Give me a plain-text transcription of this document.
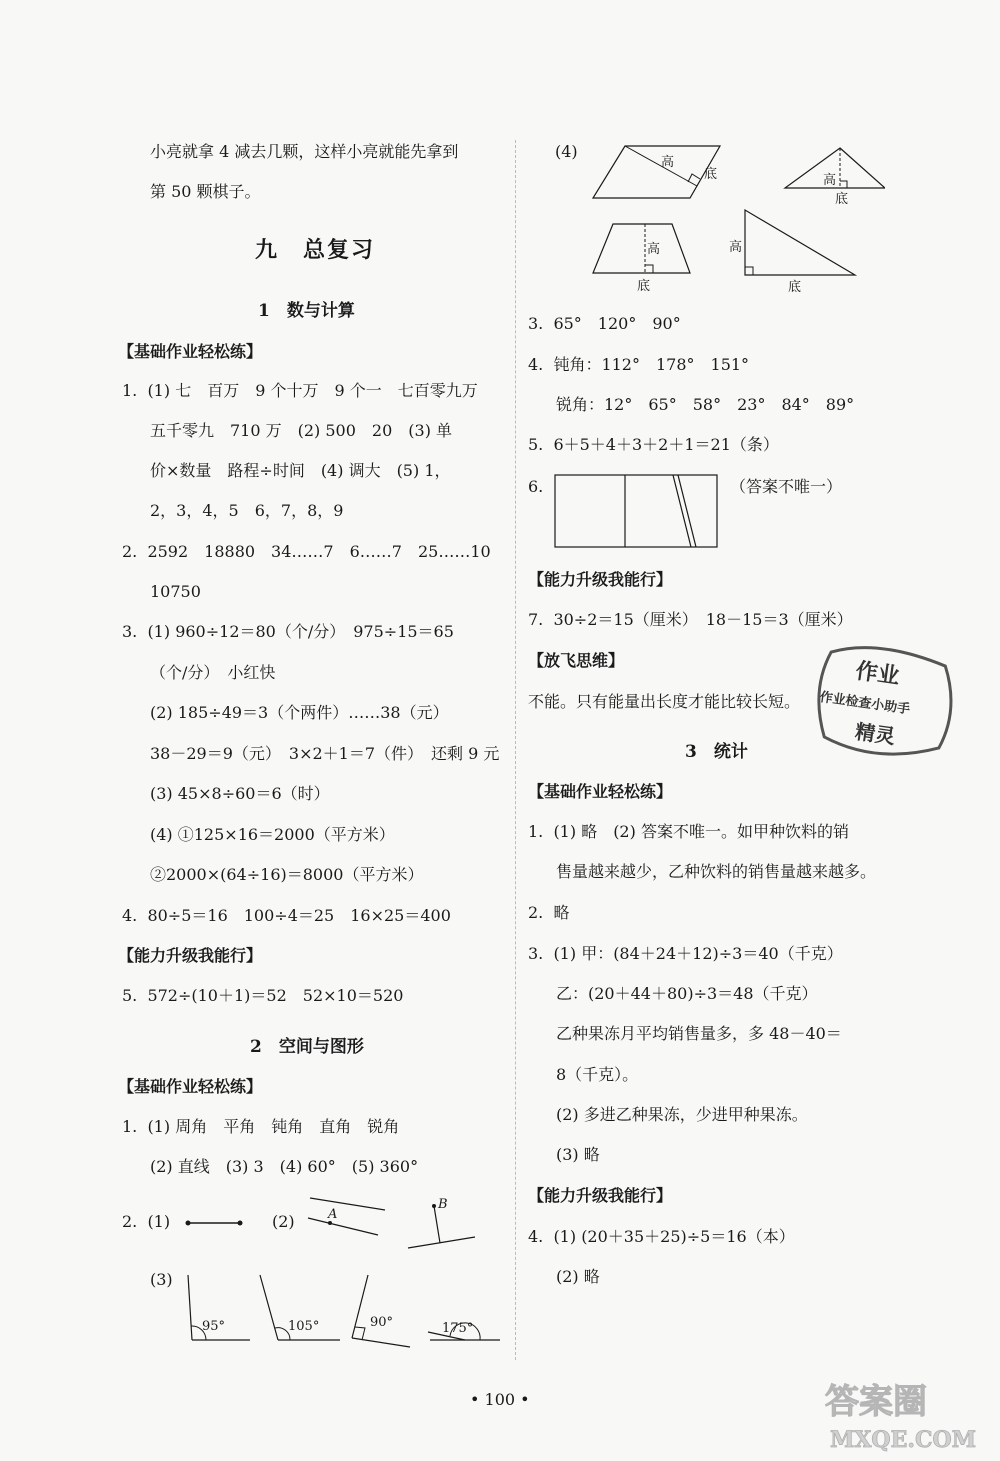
小亮就拿 4 减去几颗，这样小亮就能先拿到
第 50 颗棋子。
九　总复习
1　数与计算
【基础作业轻松练】
1.  (1) 七　百万　9 个十万　9 个一　七百零九万
五千零九　710 万　(2) 500　20　(3) 单
价×数量　路程÷时间　(4) 调大　(5) 1，
2，3，4，5　6，7，8，9
2.  2592　18880　34……7　6……7　25……10
10750
3.  (1) 960÷12＝80（个/分）　975÷15＝65
（个/分）　小红快
(2) 185÷49＝3（个两件）……38（元）
38－29＝9（元）　3×2＋1＝7（件）　还剩 9 元
(3) 45×8÷60＝6（时）
(4) ①125×16＝2000（平方米）
②2000×(64÷16)＝8000（平方米）
4.  80÷5＝16　100÷4＝25　16×25＝400
【能力升级我能行】
5.  572÷(10＋1)＝52　52×10＝520
2　空间与图形
【基础作业轻松练】
1.  (1) 周角　平角　钝角　直角　锐角
(2) 直线　(3) 3　(4) 60°　(5) 360°
2.  (1)	(2)
(3)
A
B
95°	105°	90°	175°
(4)
高
底	高
底
高
底
高
底
3.  65°　120°　90°
4.  钝角：112°　178°　151°
锐角：12°　65°　58°　23°　84°　89°
5.  6＋5＋4＋3＋2＋1＝21（条）
6.	（答案不唯一）
【能力升级我能行】
7.  30÷2＝15（厘米）　18－15＝3（厘米）
【放飞思维】
不能。只有能量出长度才能比较长短。
3　统计
【基础作业轻松练】
1.  (1) 略　(2) 答案不唯一。如甲种饮料的销
售量越来越少，乙种饮料的销售量越来越多。
2.  略
3.  (1) 甲：(84＋24＋12)÷3＝40（千克）
乙：(20＋44＋80)÷3＝48（千克）
乙种果冻月平均销售量多，多 48－40＝
8（千克）。
(2) 多进乙种果冻，少进甲种果冻。
(3) 略
【能力升级我能行】
4.  (1) (20＋35＋25)÷5＝16（本）
(2) 略
作业
作业检查小助手
精灵
• 100 •	答案圈
MXQE.COM
